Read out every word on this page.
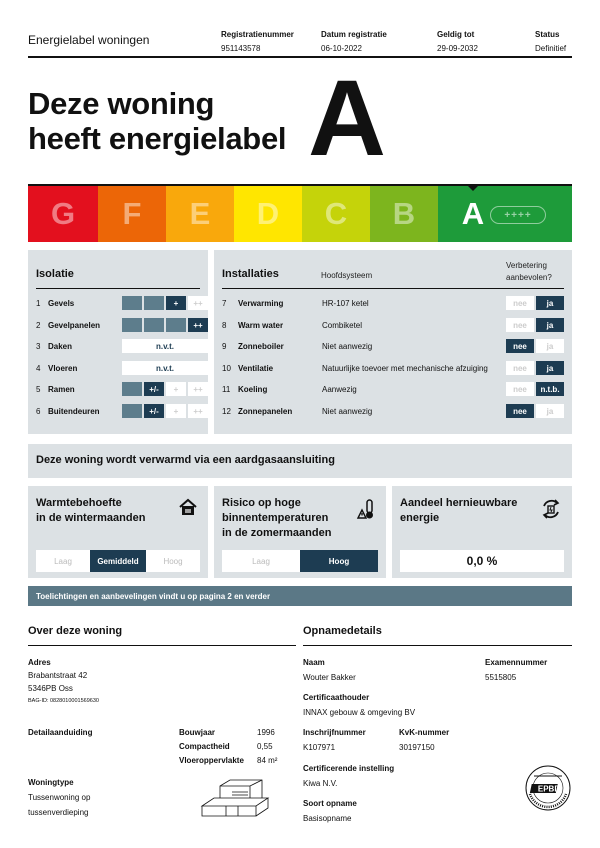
Energielabel woningen	Registratienummer
951143578
Datum registratie
06-10-2022
Geldig tot
29-09-2032
Status
Definitief
Deze woning
heeft energielabel A
G F E D C B A	++++
Isolatie
1 Gevels	+	++
2 Gevelpanelen	++
3 Daken	n.v.t.
4 Vloeren	n.v.t.
5 Ramen	+/-	+	++
6 Buitendeuren	+/-	+	++
Installaties	Hoofdsysteem
Verbetering
aanbevolen?
7	Verwarming	HR-107 ketel	nee	ja
8	Warm water	Combiketel	nee	ja
9	Zonneboiler	Niet aanwezig	nee	ja
10 Ventilatie	Natuurlijke toevoer met mechanische afzuiging	nee	ja
11 Koeling	Aanwezig	nee	n.t.b.
12 Zonnepanelen	Niet aanwezig	nee	ja
Deze woning wordt verwarmd via een aardgasaansluiting
Warmtebehoefte
in de wintermaanden
Laag	Gemiddeld	Hoog
Risico op hoge
binnentemperaturen
in de zomermaanden
Laag	Hoog
Aandeel hernieuwbare
energie
0,0 %
Toelichtingen en aanbevelingen vindt u op pagina 2 en verder
Over deze woning
Adres
Brabantstraat 42
5346PB Oss
BAG-ID: 0828010001569630
Detailaanduiding	Bouwjaar	1996
Compactheid	0,55
Vloeroppervlakte 84 m²
Woningtype
Tussenwoning op
tussenverdieping
Opnamedetails
Naam
Wouter Bakker
Examennummer
5515805
Certificaathouder
INNAX gebouw & omgeving BV
Inschrijfnummer
K107971
KvK-nummer
30197150
Certificerende instelling
Kiwa N.V.
Soort opname
Basisopname
EPBD
